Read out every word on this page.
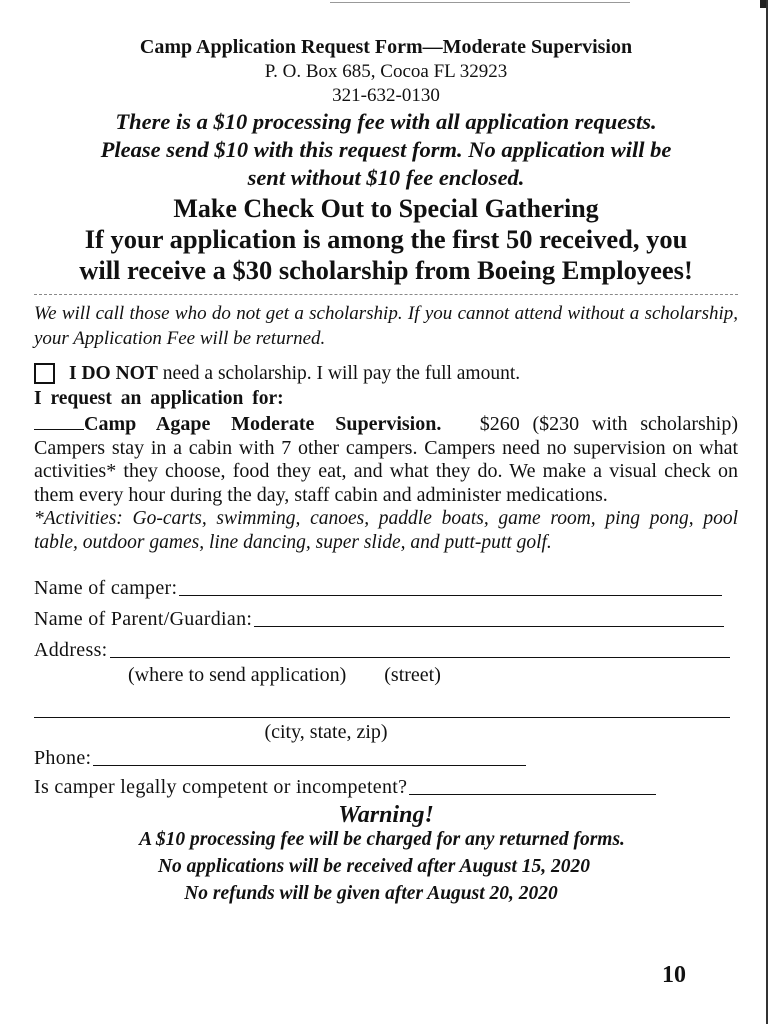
Camp Application Request Form—Moderate Supervision
P. O. Box 685, Cocoa FL 32923
321-632-0130
There is a $10 processing fee with all application requests.
Please send $10 with this request form. No application will be
sent without $10 fee enclosed.
Make Check Out to Special Gathering
If your application is among the first 50 received, you
will receive a $30 scholarship from Boeing Employees!
We will call those who do not get a scholarship. If you cannot attend without a scholarship, your Application Fee will be returned.
I DO NOT need a scholarship. I will pay the full amount.
I request an application for:
Camp Agape Moderate Supervision. $260 ($230 with scholarship) Campers stay in a cabin with 7 other campers. Campers need no supervision on what activities* they choose, food they eat, and what they do. We make a visual check on them every hour during the day, staff cabin and administer medications.
*Activities: Go-carts, swimming, canoes, paddle boats, game room, ping pong, pool table, outdoor games, line dancing, super slide, and putt-putt golf.
Name of camper:
Name of Parent/Guardian:
Address:
(where to send application) (street)
(city, state, zip)
Phone:
Is camper legally competent or incompetent?
Warning!
A $10 processing fee will be charged for any returned forms.
No applications will be received after August 15, 2020
No refunds will be given after August 20, 2020
10
